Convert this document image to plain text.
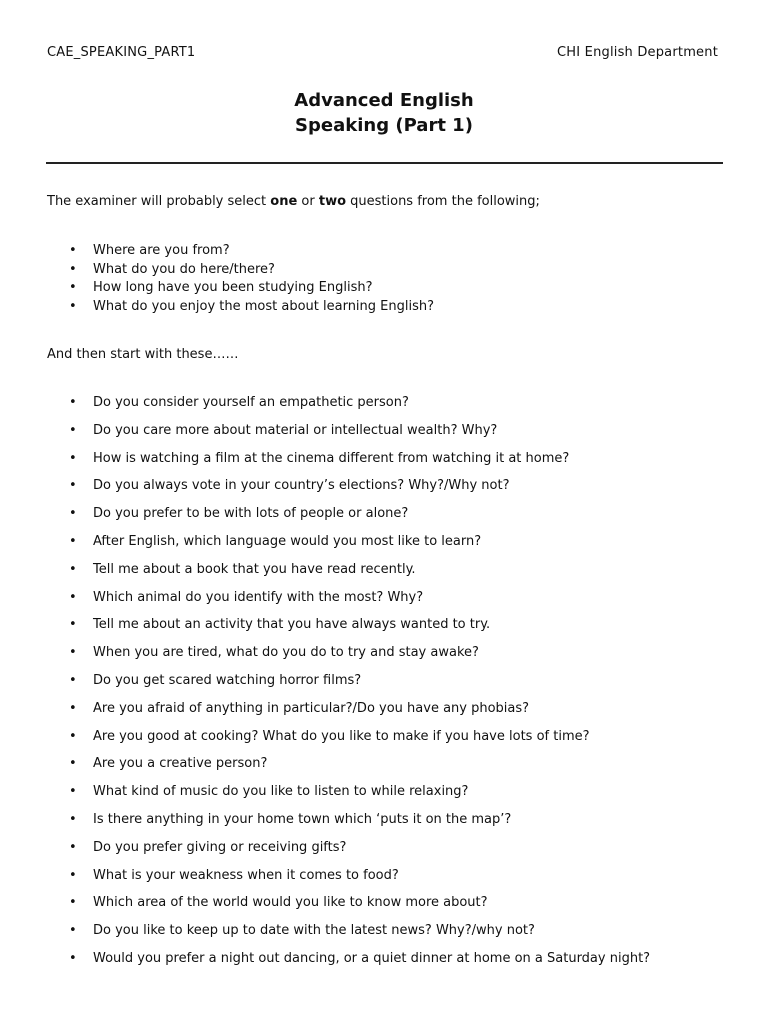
CAE_SPEAKING_PART1	CHI English Department
Advanced English
Speaking (Part 1)
The examiner will probably select one or two questions from the following;
• Where are you from?
• What do you do here/there?
• How long have you been studying English?
• What do you enjoy the most about learning English?
And then start with these……
• Do you consider yourself an empathetic person?
• Do you care more about material or intellectual wealth? Why?
• How is watching a film at the cinema different from watching it at home?
• Do you always vote in your country’s elections? Why?/Why not?
• Do you prefer to be with lots of people or alone?
• After English, which language would you most like to learn?
• Tell me about a book that you have read recently.
• Which animal do you identify with the most? Why?
• Tell me about an activity that you have always wanted to try.
• When you are tired, what do you do to try and stay awake?
• Do you get scared watching horror films?
• Are you afraid of anything in particular?/Do you have any phobias?
• Are you good at cooking? What do you like to make if you have lots of time?
• Are you a creative person?
• What kind of music do you like to listen to while relaxing?
• Is there anything in your home town which ‘puts it on the map’?
• Do you prefer giving or receiving gifts?
• What is your weakness when it comes to food?
• Which area of the world would you like to know more about?
• Do you like to keep up to date with the latest news? Why?/why not?
• Would you prefer a night out dancing, or a quiet dinner at home on a Saturday night?
